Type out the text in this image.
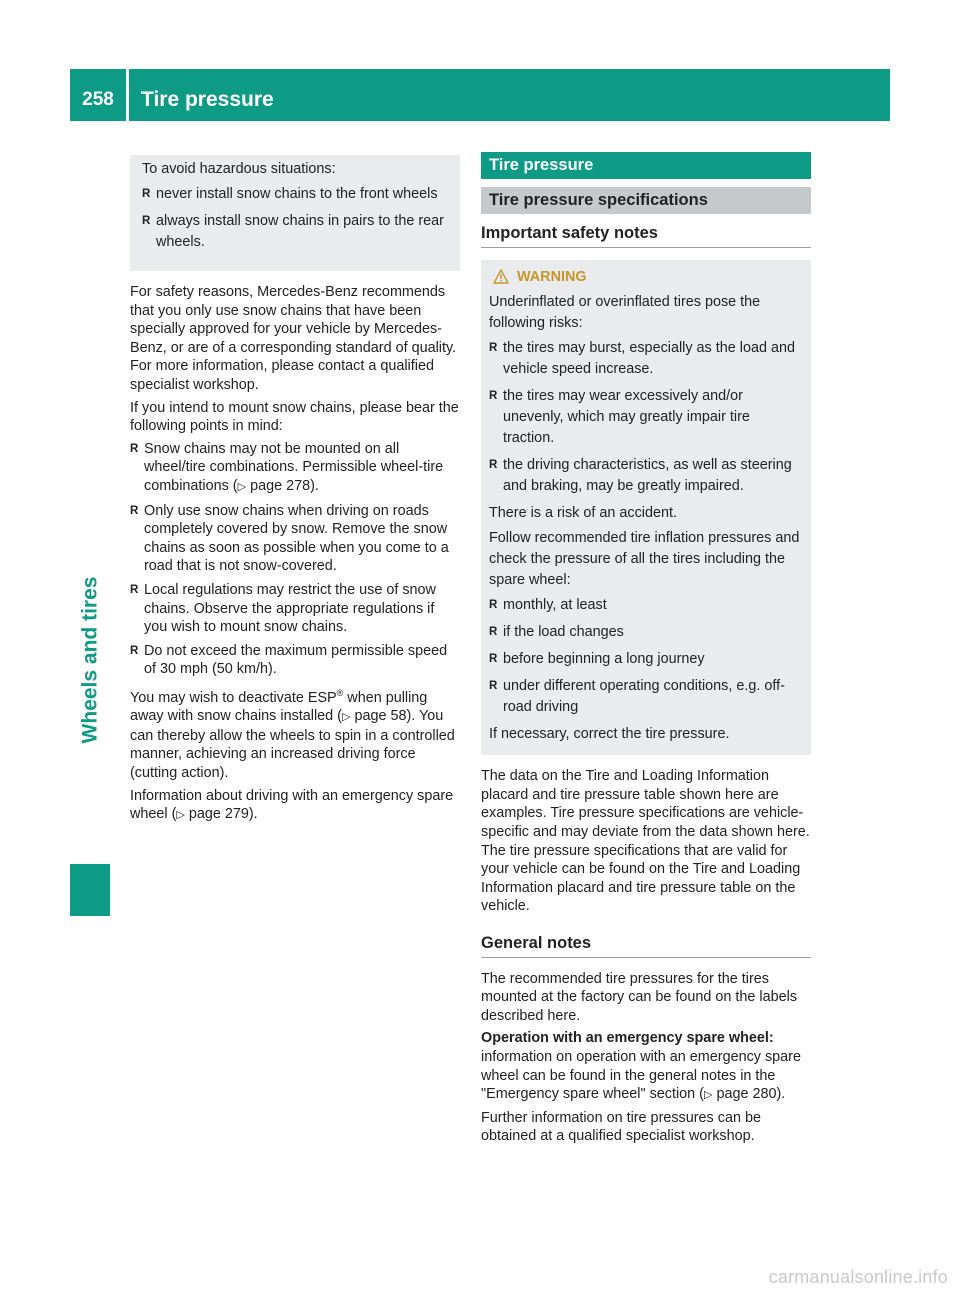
258	Tire pressure
Wheels and tires
To avoid hazardous situations:
R never install snow chains to the front wheels
R always install snow chains in pairs to the rear wheels.
For safety reasons, Mercedes-Benz recommends that you only use snow chains that have been specially approved for your vehicle by Mercedes-Benz, or are of a corresponding standard of quality. For more information, please contact a qualified specialist workshop.
If you intend to mount snow chains, please bear the following points in mind:
R Snow chains may not be mounted on all wheel/tire combinations. Permissible wheel-tire combinations (▷ page 278).
R Only use snow chains when driving on roads completely covered by snow. Remove the snow chains as soon as possible when you come to a road that is not snow-covered.
R Local regulations may restrict the use of snow chains. Observe the appropriate regulations if you wish to mount snow chains.
R Do not exceed the maximum permissible speed of 30 mph (50 km/h).
You may wish to deactivate ESP® when pulling away with snow chains installed (▷ page 58). You can thereby allow the wheels to spin in a controlled manner, achieving an increased driving force (cutting action).
Information about driving with an emergency spare wheel (▷ page 279).
Tire pressure
Tire pressure specifications
Important safety notes
WARNING
Underinflated or overinflated tires pose the following risks:
R the tires may burst, especially as the load and vehicle speed increase.
R the tires may wear excessively and/or unevenly, which may greatly impair tire traction.
R the driving characteristics, as well as steering and braking, may be greatly impaired.
There is a risk of an accident.
Follow recommended tire inflation pressures and check the pressure of all the tires including the spare wheel:
R monthly, at least
R if the load changes
R before beginning a long journey
R under different operating conditions, e.g. off-road driving
If necessary, correct the tire pressure.
The data on the Tire and Loading Information placard and tire pressure table shown here are examples. Tire pressure specifications are vehicle-specific and may deviate from the data shown here. The tire pressure specifications that are valid for your vehicle can be found on the Tire and Loading Information placard and tire pressure table on the vehicle.
General notes
The recommended tire pressures for the tires mounted at the factory can be found on the labels described here.
Operation with an emergency spare wheel: information on operation with an emergency spare wheel can be found in the general notes in the "Emergency spare wheel" section (▷ page 280).
Further information on tire pressures can be obtained at a qualified specialist workshop.
carmanualsonline.info
